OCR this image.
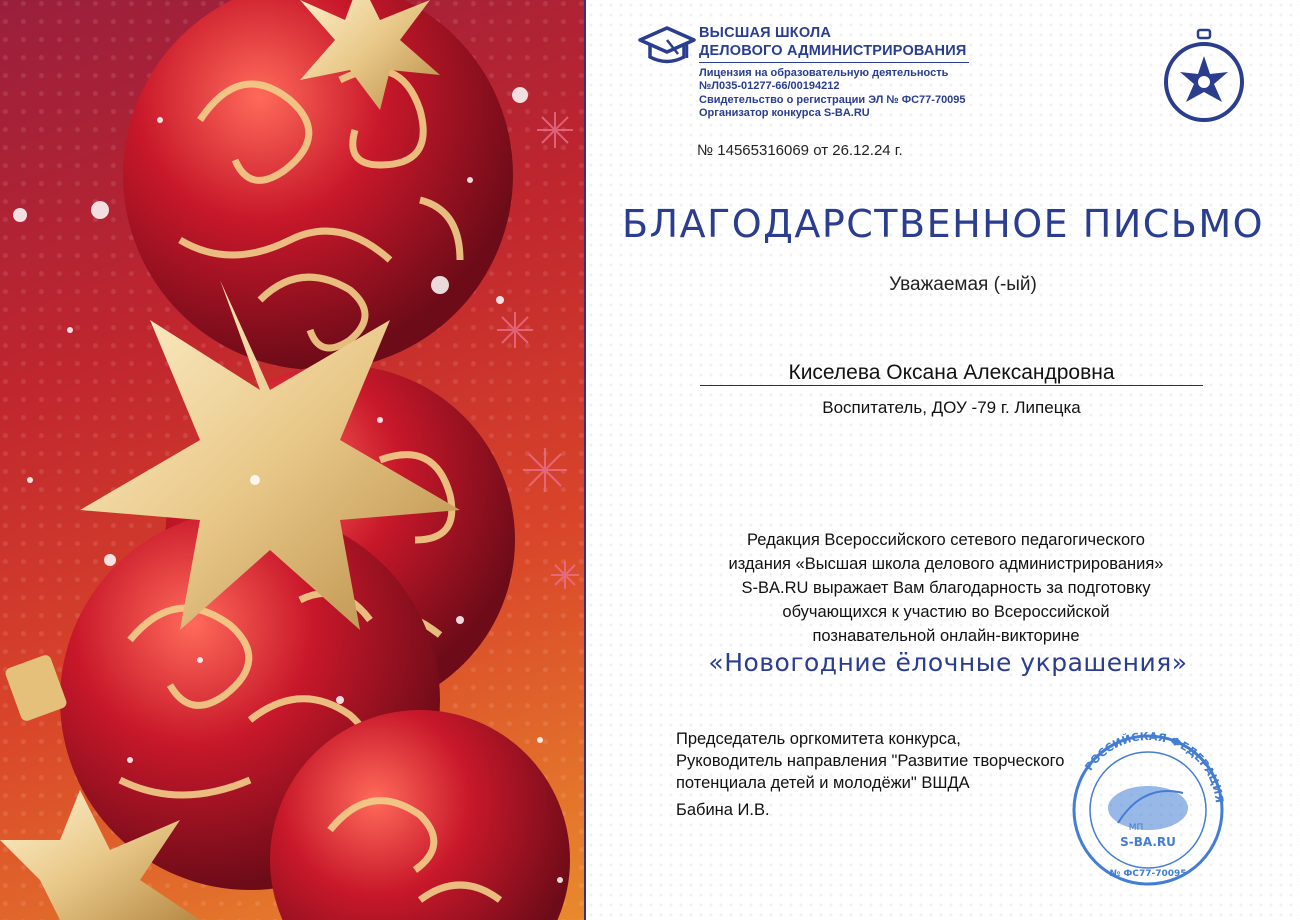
ВЫСШАЯ ШКОЛА
ДЕЛОВОГО АДМИНИСТРИРОВАНИЯ
Лицензия на образовательную деятельность
№Л035-01277-66/00194212
Свидетельство о регистрации ЭЛ № ФС77-70095
Организатор конкурса S-BA.RU
№ 14565316069 от 26.12.24 г.
БЛАГОДАРСТВЕННОЕ ПИСЬМО
Уважаемая (-ый)
Киселева Оксана Александровна
Воспитатель, ДОУ -79 г. Липецка
Редакция Всероссийского сетевого педагогического
издания «Высшая школа делового администрирования»
S-BA.RU выражает Вам благодарность за подготовку
обучающихся к участию во Всероссийской
познавательной онлайн-викторине
«Новогодние ёлочные украшения»
Председатель оргкомитета конкурса,
Руководитель направления "Развитие творческого
потенциала детей и молодёжи" ВШДА
Бабина И.В.
РОССИЙСКАЯ ФЕДЕРАЦИЯ
S-BA.RU
МП
№ ФС77-70095
